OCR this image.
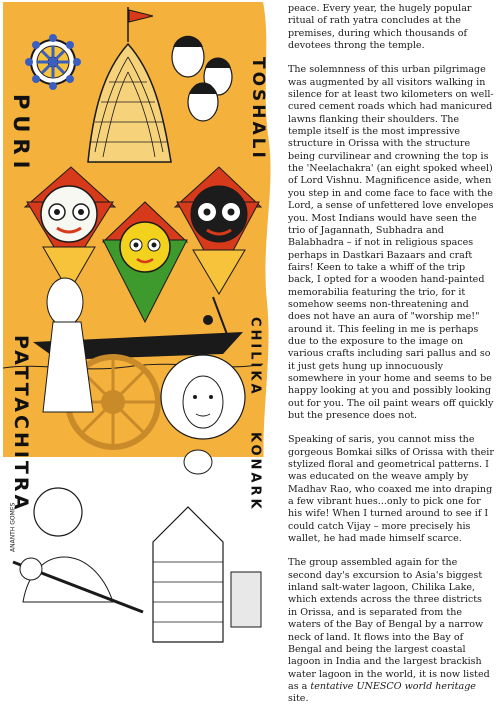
PURI	TOSHALI
CHILIKA
KONARK
PATTACHITRA
ANANTH GOMES

peace. Every year, the hugely popular ritual of rath yatra concludes at the premises, during which thousands of devotees throng the temple.

The solemnness of this urban pilgrimage was augmented by all visitors walking in silence for at least two kilometers on well-cured cement roads which had manicured lawns flanking their shoulders. The temple itself is the most impressive structure in Orissa with the structure being curvilinear and crowning the top is the 'Neelachakra' (an eight spoked wheel) of Lord Vishnu. Magnificence aside, when you step in and come face to face with the Lord, a sense of unfettered love envelopes you. Most Indians would have seen the trio of Jagannath, Subhadra and Balabhadra – if not in religious spaces perhaps in Dastkari Bazaars and craft fairs! Keen to take a whiff of the trip back, I opted for a wooden hand-painted memorabilia featuring the trio, for it somehow seems non-threatening and does not have an aura of "worship me!" around it. This feeling in me is perhaps due to the exposure to the image on various crafts including sari pallus and so it just gets hung up innocuously somewhere in your home and seems to be happy looking at you and possibly looking out for you. The oil paint wears off quickly but the presence does not.

Speaking of saris, you cannot miss the gorgeous Bomkai silks of Orissa with their stylized floral and geometrical patterns. I was educated on the weave amply by Madhav Rao, who coaxed me into draping a few vibrant hues...only to pick one for his wife! When I turned around to see if I could catch Vijay – more precisely his wallet, he had made himself scarce.

The group assembled again for the second day's excursion to Asia's biggest inland salt-water lagoon, Chilika Lake, which extends across the three districts in Orissa, and is separated from the waters of the Bay of Bengal by a narrow neck of land. It flows into the Bay of Bengal and being the largest coastal lagoon in India and the largest brackish water lagoon in the world, it is now listed as a tentative UNESCO world heritage site.
